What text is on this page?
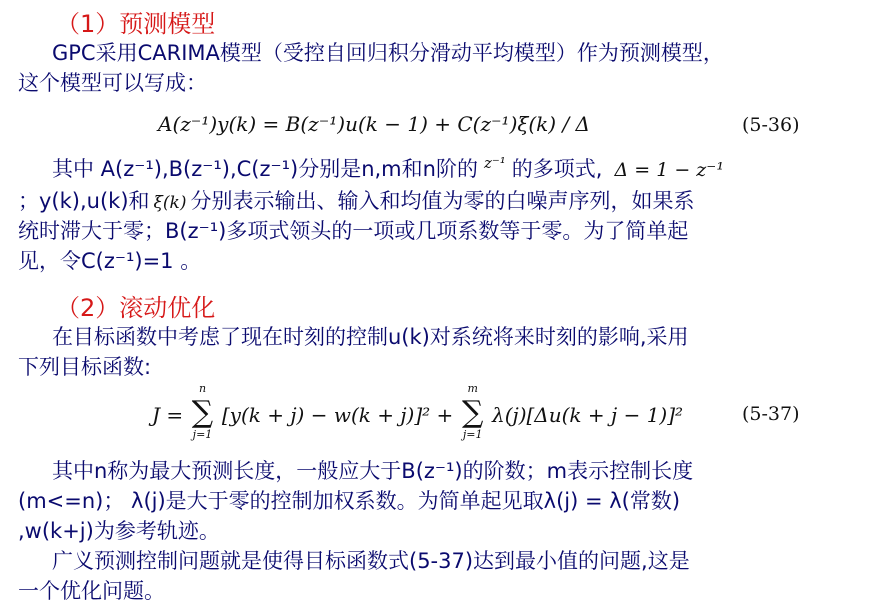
（1）预测模型
GPC采用CARIMA模型（受控自回归积分滑动平均模型）作为预测模型，
这个模型可以写成：
A(z⁻¹)y(k) = B(z⁻¹)u(k − 1) + C(z⁻¹)ξ(k) / Δ	(5-36)
其中 A(z⁻¹),B(z⁻¹),C(z⁻¹)分别是n,m和n阶的 $^{z^{-1}}$ 的多项式, Δ = 1 − z⁻¹
；y(k),u(k)和 ξ(k) 分别表示输出、输入和均值为零的白噪声序列，如果系
统时滞大于零；B(z⁻¹)多项式领头的一项或几项系数等于零。为了简单起
见，令C(z⁻¹)=1 。
（2）滚动优化
在目标函数中考虑了现在时刻的控制u(k)对系统将来时刻的影响,采用
下列目标函数:
J =
n
∑
j=1
[y(k + j) − w(k + j)]² +
m
∑
j=1
λ(j)[Δu(k + j − 1)]²	(5-37)
其中n称为最大预测长度，一般应大于B(z⁻¹)的阶数；m表示控制长度
(m<=n)； λ(j)是大于零的控制加权系数。为简单起见取λ(j) = λ(常数)
,w(k+j)为参考轨迹。
广义预测控制问题就是使得目标函数式(5-37)达到最小值的问题,这是
一个优化问题。
